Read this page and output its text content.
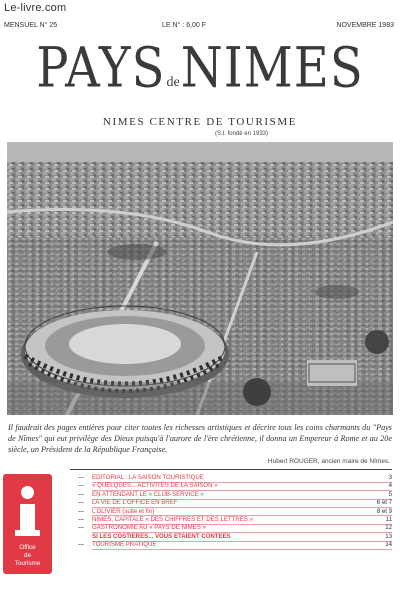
Le-livre.com
MENSUEL N° 25	LE N° : 6,00 F	NOVEMBRE 1983
PAYSdeNIMES
NIMES CENTRE DE TOURISME
(S.I. fondé en 1933)
Il faudrait des pages entières pour citer toutes les richesses artistiques et décrire tous les coins charmants du "Pays de Nîmes" qui eut privilège des Dieux puisqu'à l'aurore de l'ère chrétienne, il donna un Empereur à Rome et au 20e siècle, un Président de la République Française.
Hubert ROUGER, ancien maire de Nîmes.
Office
de
Tourisme
— EDITORIAL : LA SAISON TOURISTIQUE	3
— « QUELQUES... ACTIVITÉS DE LA SAISON »	4
— EN ATTENDANT LE « CLUB-SERVICE »	5
— LA VIE DE L'OFFICE EN BREF	6 et 7
— L'OLIVIER (suite et fin)	8 et 9
— NIMES, CAPITALE « DES CHIFFRES ET DES LETTRES »	11
— GASTRONOMIE AU « PAYS DE NIMES »	12
SI LES COSTIERES... VOUS ETAIENT CONTEES	13
— TOURISME PRATIQUE	14
